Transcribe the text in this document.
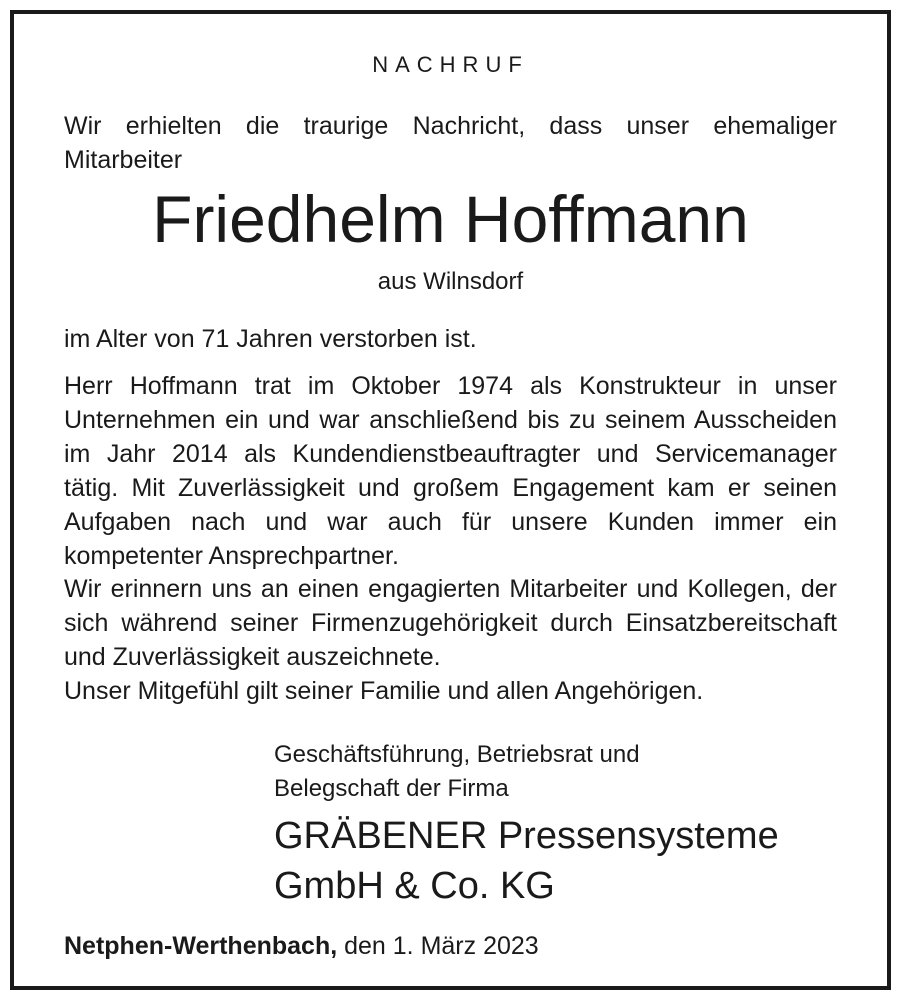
NACHRUF

Wir erhielten die traurige Nachricht, dass unser ehemaliger Mitarbeiter

Friedhelm Hoffmann
aus Wilnsdorf

im Alter von 71 Jahren verstorben ist.

Herr Hoffmann trat im Oktober 1974 als Konstrukteur in unser Unternehmen ein und war anschließend bis zu seinem Ausscheiden im Jahr 2014 als Kundendienstbeauftragter und Servicemanager tätig. Mit Zuverlässigkeit und großem Engagement kam er seinen Aufgaben nach und war auch für unsere Kunden immer ein kompetenter Ansprechpartner.

Wir erinnern uns an einen engagierten Mitarbeiter und Kollegen, der sich während seiner Firmenzugehörigkeit durch Einsatzbereitschaft und Zuverlässigkeit auszeichnete.

Unser Mitgefühl gilt seiner Familie und allen Angehörigen.

Geschäftsführung, Betriebsrat und
Belegschaft der Firma
GRÄBENER Pressensysteme
GmbH & Co. KG
Netphen-Werthenbach, den 1. März 2023
